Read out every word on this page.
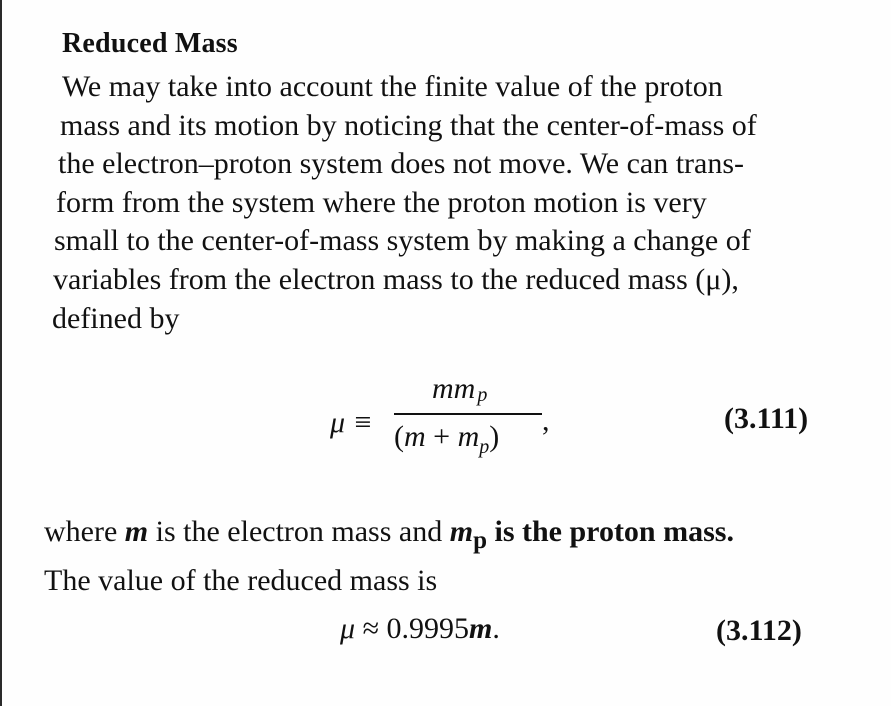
Reduced Mass

We may take into account the finite value of the proton
mass and its motion by noticing that the center-of-mass of
the electron–proton system does not move. We can trans-
form from the system where the proton motion is very
small to the center-of-mass system by making a change of
variables from the electron mass to the reduced mass (μ),
defined by

μ ≡
mm $_p$
$(m + m_p)$ ,	(3.111)

where m is the electron mass and $m_p$ is the proton mass.
The value of the reduced mass is

μ ≈ 0.9995m.	(3.112)
